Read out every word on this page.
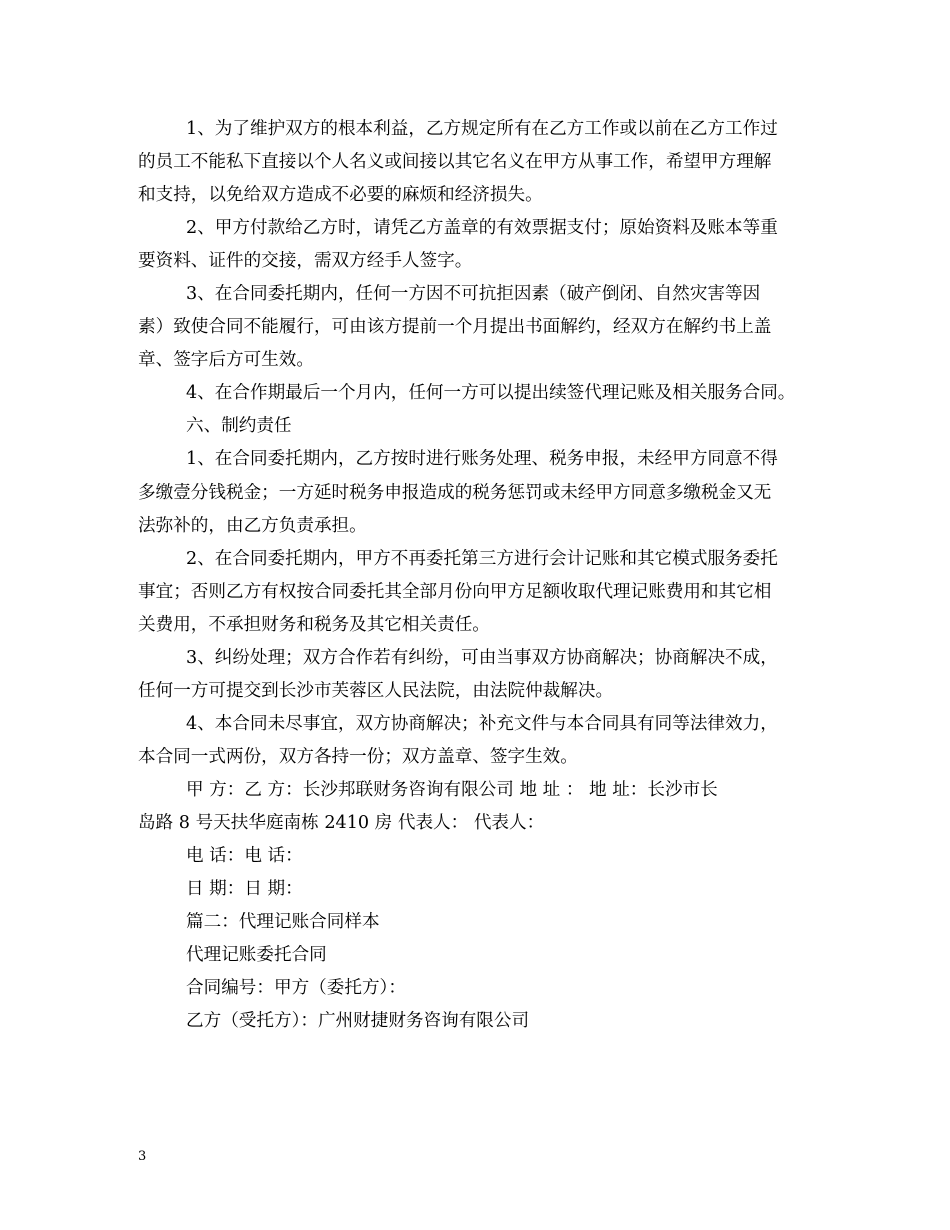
1、为了维护双方的根本利益，乙方规定所有在乙方工作或以前在乙方工作过
的员工不能私下直接以个人名义或间接以其它名义在甲方从事工作，希望甲方理解
和支持，以免给双方造成不必要的麻烦和经济损失。
2、甲方付款给乙方时，请凭乙方盖章的有效票据支付；原始资料及账本等重
要资料、证件的交接，需双方经手人签字。
3、在合同委托期内，任何一方因不可抗拒因素（破产倒闭、自然灾害等因
素）致使合同不能履行，可由该方提前一个月提出书面解约，经双方在解约书上盖
章、签字后方可生效。
4、在合作期最后一个月内，任何一方可以提出续签代理记账及相关服务合同。
六、制约责任
1、在合同委托期内，乙方按时进行账务处理、税务申报，未经甲方同意不得
多缴壹分钱税金；一方延时税务申报造成的税务惩罚或未经甲方同意多缴税金又无
法弥补的，由乙方负责承担。
2、在合同委托期内，甲方不再委托第三方进行会计记账和其它模式服务委托
事宜；否则乙方有权按合同委托其全部月份向甲方足额收取代理记账费用和其它相
关费用，不承担财务和税务及其它相关责任。
3、纠纷处理；双方合作若有纠纷，可由当事双方协商解决；协商解决不成，
任何一方可提交到长沙市芙蓉区人民法院，由法院仲裁解决。
4、本合同未尽事宜，双方协商解决；补充文件与本合同具有同等法律效力，
本合同一式两份，双方各持一份；双方盖章、签字生效。
甲 方：乙 方：长沙邦联财务咨询有限公司 地 址 ： 地 址：长沙市长
岛路 8 号天扶华庭南栋 2410 房 代表人： 代表人：
电 话：电 话：
日 期：日 期：
篇二：代理记账合同样本
代理记账委托合同
合同编号：甲方（委托方）：
乙方（受托方）：广州财捷财务咨询有限公司
3
